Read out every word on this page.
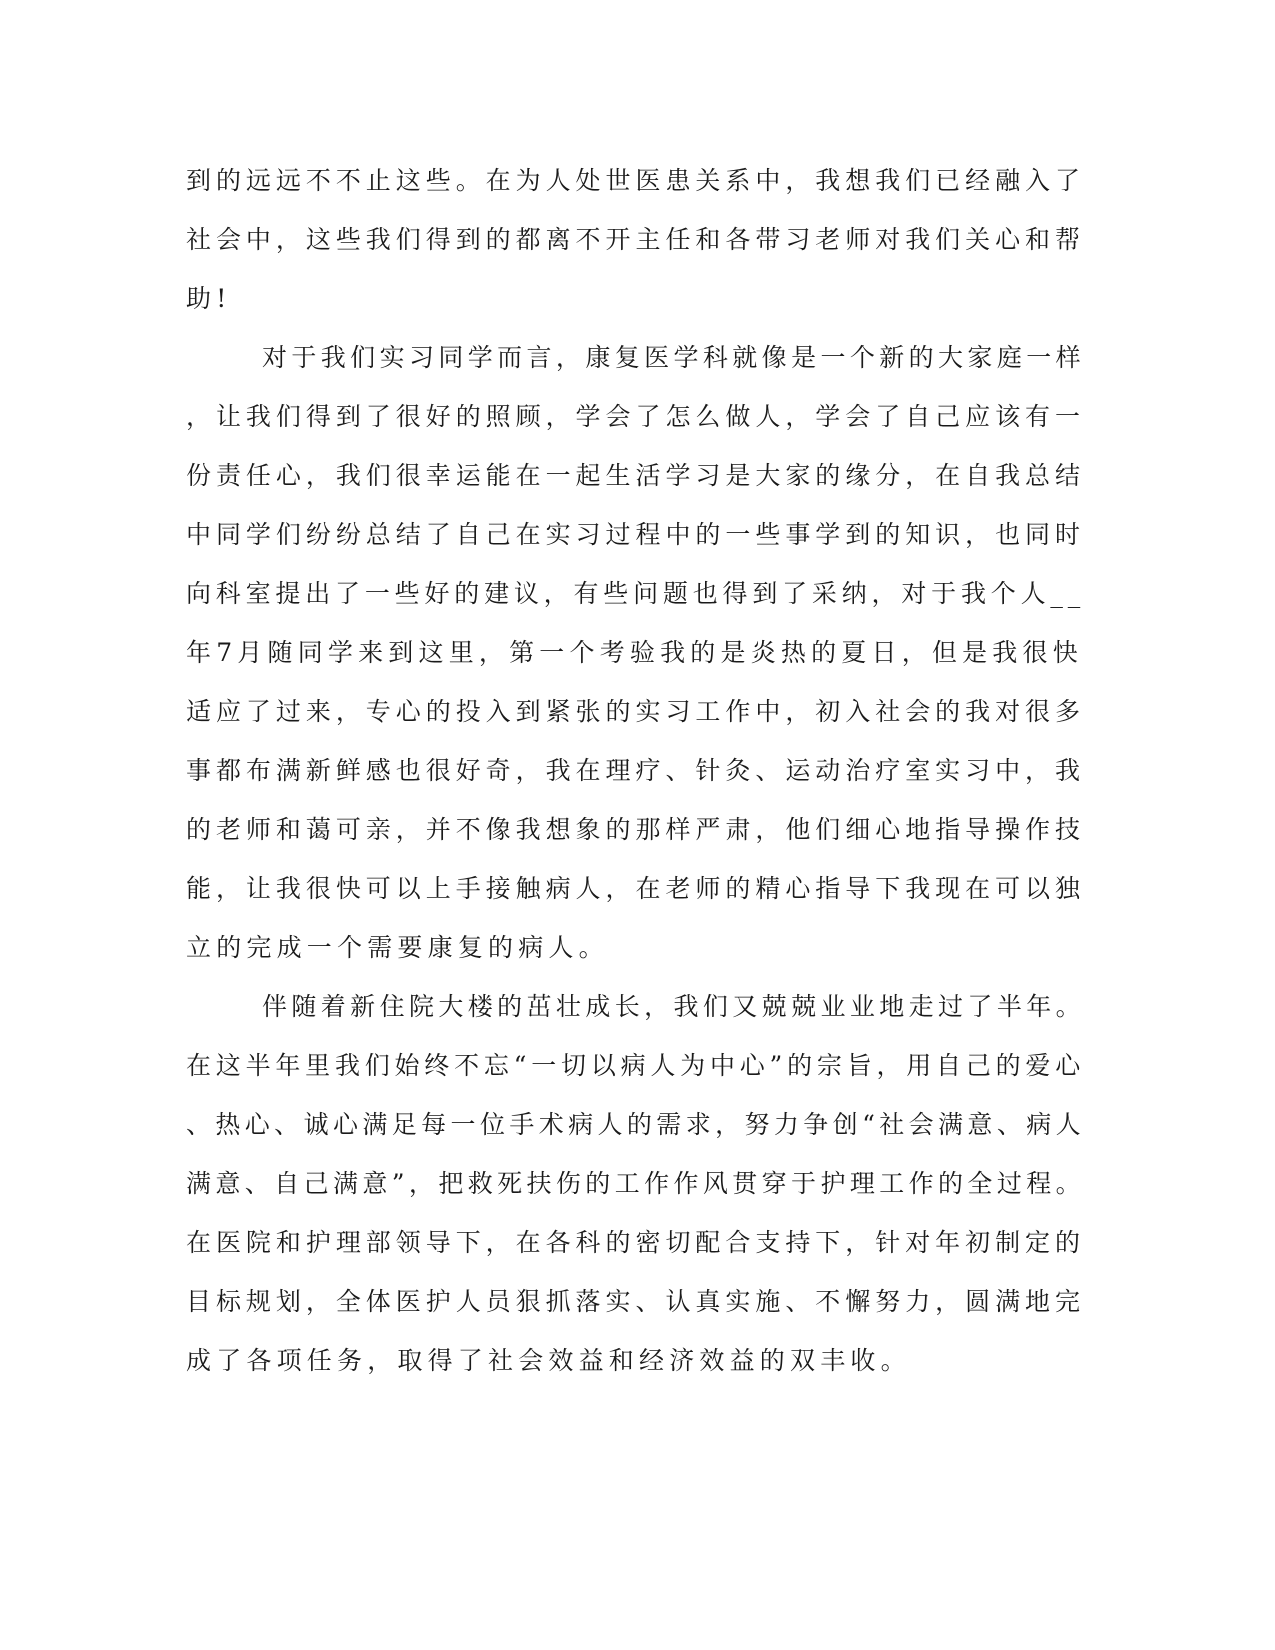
到的远远不不止这些。在为人处世医患关系中，我想我们已经融入了
社会中，这些我们得到的都离不开主任和各带习老师对我们关心和帮
助!
对于我们实习同学而言，康复医学科就像是一个新的大家庭一样
，让我们得到了很好的照顾，学会了怎么做人，学会了自己应该有一
份责任心，我们很幸运能在一起生活学习是大家的缘分，在自我总结
中同学们纷纷总结了自己在实习过程中的一些事学到的知识，也同时
向科室提出了一些好的建议，有些问题也得到了采纳，对于我个人__
年7月随同学来到这里，第一个考验我的是炎热的夏日，但是我很快
适应了过来，专心的投入到紧张的实习工作中，初入社会的我对很多
事都布满新鲜感也很好奇，我在理疗、针灸、运动治疗室实习中，我
的老师和蔼可亲，并不像我想象的那样严肃，他们细心地指导操作技
能，让我很快可以上手接触病人，在老师的精心指导下我现在可以独
立的完成一个需要康复的病人。
伴随着新住院大楼的茁壮成长，我们又兢兢业业地走过了半年。
在这半年里我们始终不忘“一切以病人为中心”的宗旨，用自己的爱心
、热心、诚心满足每一位手术病人的需求，努力争创“社会满意、病人
满意、自己满意”，把救死扶伤的工作作风贯穿于护理工作的全过程。
在医院和护理部领导下，在各科的密切配合支持下，针对年初制定的
目标规划，全体医护人员狠抓落实、认真实施、不懈努力，圆满地完
成了各项任务，取得了社会效益和经济效益的双丰收。
